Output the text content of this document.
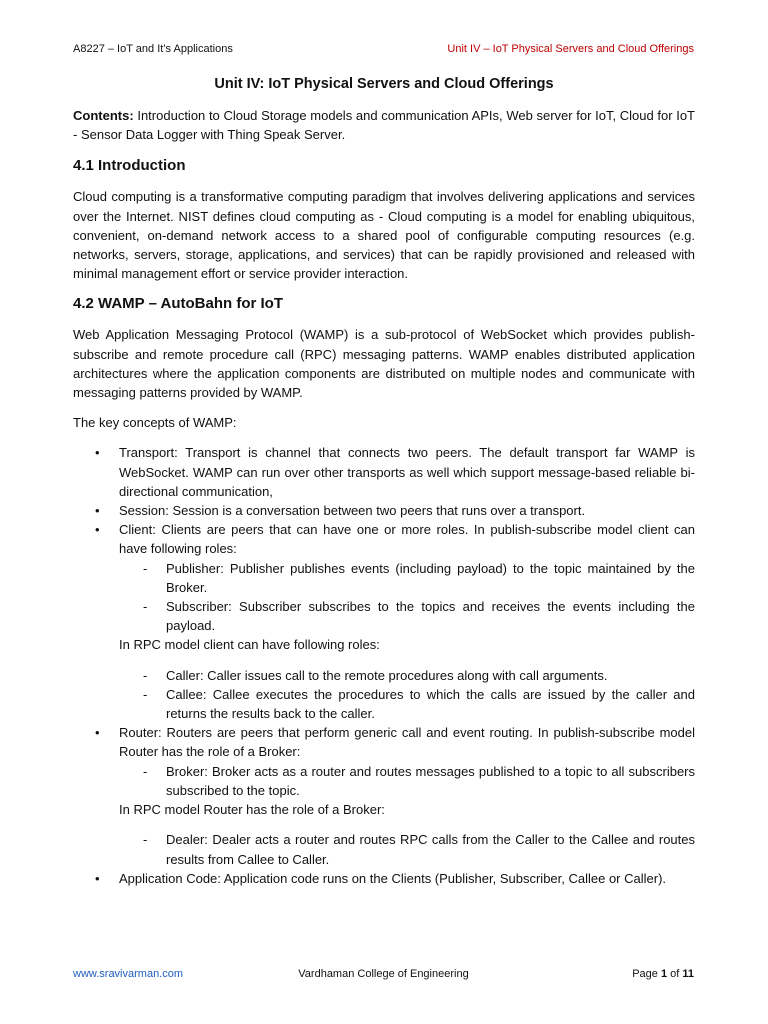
A8227 – IoT and It’s Applications	Unit IV – IoT Physical Servers and Cloud Offerings
Unit IV: IoT Physical Servers and Cloud Offerings

Contents: Introduction to Cloud Storage models and communication APIs, Web server for IoT, Cloud for IoT - Sensor Data Logger with Thing Speak Server.

4.1 Introduction

Cloud computing is a transformative computing paradigm that involves delivering applications and services over the Internet. NIST defines cloud computing as - Cloud computing is a model for enabling ubiquitous, convenient, on-demand network access to a shared pool of configurable computing resources (e.g. networks, servers, storage, applications, and services) that can be rapidly provisioned and released with minimal management effort or service provider interaction.

4.2 WAMP – AutoBahn for IoT

Web Application Messaging Protocol (WAMP) is a sub-protocol of WebSocket which provides publish-subscribe and remote procedure call (RPC) messaging patterns. WAMP enables distributed application architectures where the application components are distributed on multiple nodes and communicate with messaging patterns provided by WAMP.

The key concepts of WAMP:

• Transport: Transport is channel that connects two peers. The default transport far WAMP is WebSocket. WAMP can run over other transports as well which support message-based reliable bi-directional communication,
• Session: Session is a conversation between two peers that runs over a transport.
• Client: Clients are peers that can have one or more roles. In publish-subscribe model client can have following roles:
- Publisher: Publisher publishes events (including payload) to the topic maintained by the Broker.
- Subscriber: Subscriber subscribes to the topics and receives the events including the payload.

In RPC model client can have following roles:

- Caller: Caller issues call to the remote procedures along with call arguments.
- Callee: Callee executes the procedures to which the calls are issued by the caller and returns the results back to the caller.
• Router: Routers are peers that perform generic call and event routing. In publish-subscribe model Router has the role of a Broker:
- Broker: Broker acts as a router and routes messages published to a topic to all subscribers subscribed to the topic.

In RPC model Router has the role of a Broker:

- Dealer: Dealer acts a router and routes RPC calls from the Caller to the Callee and routes results from Callee to Caller.
• Application Code: Application code runs on the Clients (Publisher, Subscriber, Callee or Caller).
www.sravivarman.com	Vardhaman College of Engineering	Page 1 of 11
